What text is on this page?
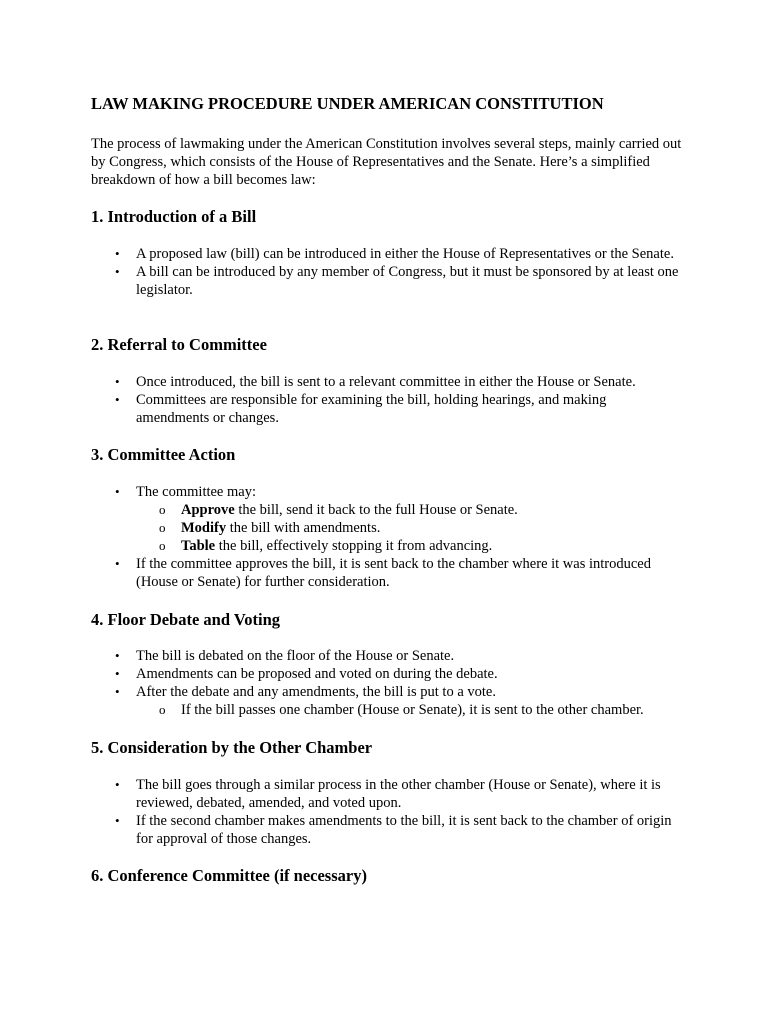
LAW MAKING PROCEDURE UNDER AMERICAN CONSTITUTION

The process of lawmaking under the American Constitution involves several steps, mainly carried out by Congress, which consists of the House of Representatives and the Senate. Here’s a simplified breakdown of how a bill becomes law:

1. Introduction of a Bill
• A proposed law (bill) can be introduced in either the House of Representatives or the Senate.
• A bill can be introduced by any member of Congress, but it must be sponsored by at least one legislator.
2. Referral to Committee
• Once introduced, the bill is sent to a relevant committee in either the House or Senate.
• Committees are responsible for examining the bill, holding hearings, and making amendments or changes.
3. Committee Action
• The committee may:
o Approve the bill, send it back to the full House or Senate.
o Modify the bill with amendments.
o Table the bill, effectively stopping it from advancing.
• If the committee approves the bill, it is sent back to the chamber where it was introduced (House or Senate) for further consideration.
4. Floor Debate and Voting
• The bill is debated on the floor of the House or Senate.
• Amendments can be proposed and voted on during the debate.
• After the debate and any amendments, the bill is put to a vote.
o If the bill passes one chamber (House or Senate), it is sent to the other chamber.
5. Consideration by the Other Chamber
• The bill goes through a similar process in the other chamber (House or Senate), where it is reviewed, debated, amended, and voted upon.
• If the second chamber makes amendments to the bill, it is sent back to the chamber of origin for approval of those changes.
6. Conference Committee (if necessary)
